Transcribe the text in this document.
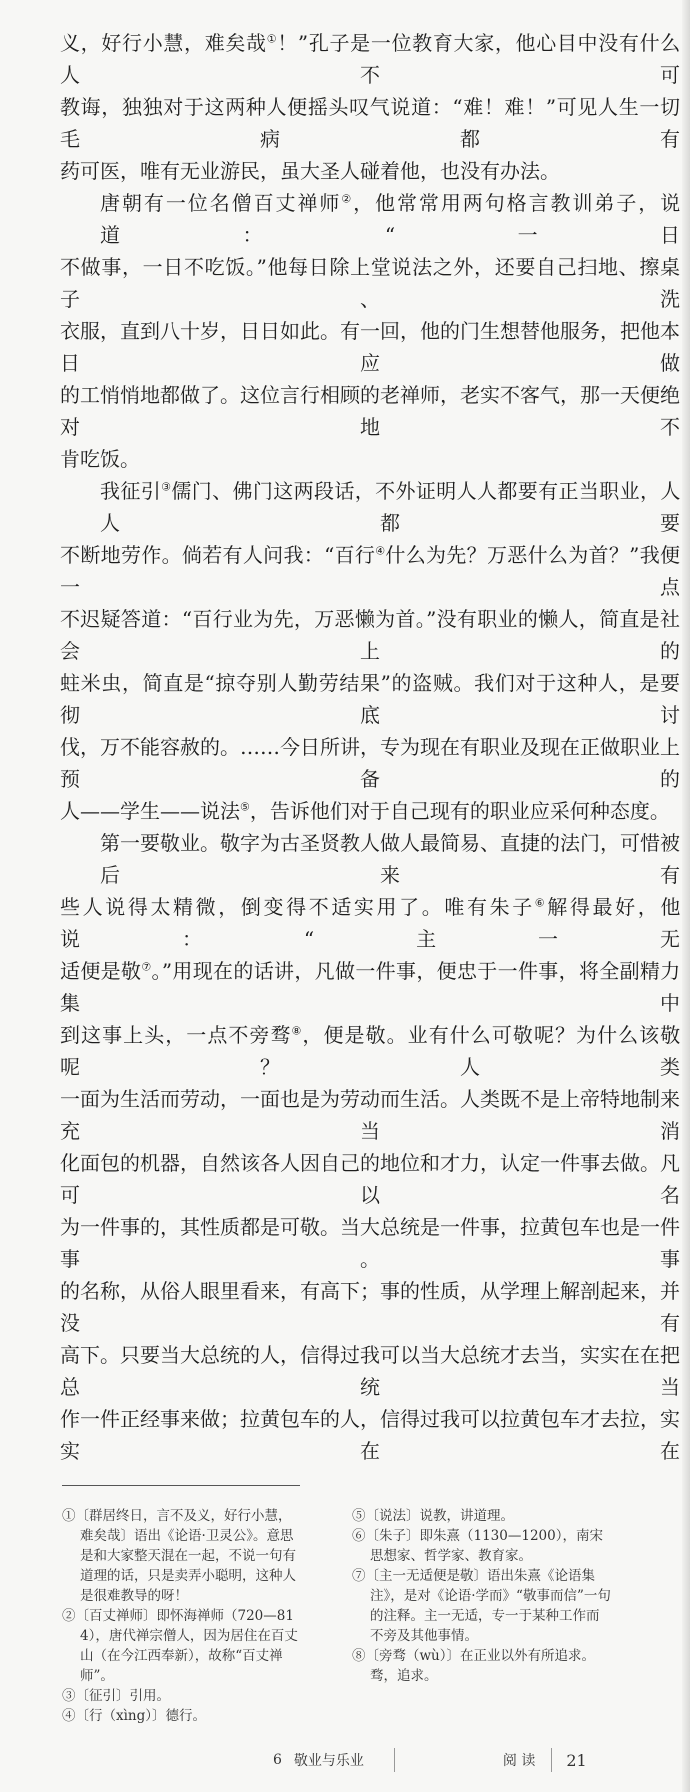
义，好行小慧，难矣哉①！”孔子是一位教育大家，他心目中没有什么人不可
教诲，独独对于这两种人便摇头叹气说道：“难！难！”可见人生一切毛病都有
药可医，唯有无业游民，虽大圣人碰着他，也没有办法。
唐朝有一位名僧百丈禅师②，他常常用两句格言教训弟子，说道：“一日
不做事，一日不吃饭。”他每日除上堂说法之外，还要自己扫地、擦桌子、洗
衣服，直到八十岁，日日如此。有一回，他的门生想替他服务，把他本日应做
的工悄悄地都做了。这位言行相顾的老禅师，老实不客气，那一天便绝对地不
肯吃饭。
我征引③儒门、佛门这两段话，不外证明人人都要有正当职业，人人都要
不断地劳作。倘若有人问我：“百行④什么为先？万恶什么为首？”我便一点
不迟疑答道：“百行业为先，万恶懒为首。”没有职业的懒人，简直是社会上的
蛀米虫，简直是“掠夺别人勤劳结果”的盗贼。我们对于这种人，是要彻底讨
伐，万不能容赦的。……今日所讲，专为现在有职业及现在正做职业上预备的
人——学生——说法⑤，告诉他们对于自己现有的职业应采何种态度。
第一要敬业。敬字为古圣贤教人做人最简易、直捷的法门，可惜被后来有
些人说得太精微，倒变得不适实用了。唯有朱子⑥解得最好，他说：“主一无
适便是敬⑦。”用现在的话讲，凡做一件事，便忠于一件事，将全副精力集中
到这事上头，一点不旁骛⑧，便是敬。业有什么可敬呢？为什么该敬呢？人类
一面为生活而劳动，一面也是为劳动而生活。人类既不是上帝特地制来充当消
化面包的机器，自然该各人因自己的地位和才力，认定一件事去做。凡可以名
为一件事的，其性质都是可敬。当大总统是一件事，拉黄包车也是一件事。事
的名称，从俗人眼里看来，有高下；事的性质，从学理上解剖起来，并没有
高下。只要当大总统的人，信得过我可以当大总统才去当，实实在在把总统当
作一件正经事来做；拉黄包车的人，信得过我可以拉黄包车才去拉，实实在在
①〔群居终日，言不及义，好行小慧，难矣哉〕语出《论语·卫灵公》。意思是和大家整天混在一起，不说一句有道理的话，只是卖弄小聪明，这种人是很难教导的呀！
②〔百丈禅师〕即怀海禅师（720—814），唐代禅宗僧人，因为居住在百丈山（在今江西奉新），故称“百丈禅师”。
③〔征引〕引用。
④〔行（xìng）〕德行。
⑤〔说法〕说教，讲道理。
⑥〔朱子〕即朱熹（1130—1200），南宋思想家、哲学家、教育家。
⑦〔主一无适便是敬〕语出朱熹《论语集注》，是对《论语·学而》“敬事而信”一句的注释。主一无适，专一于某种工作而不旁及其他事情。
⑧〔旁骛（wù）〕在正业以外有所追求。骛，追求。
6 敬业与乐业	阅 读 21
